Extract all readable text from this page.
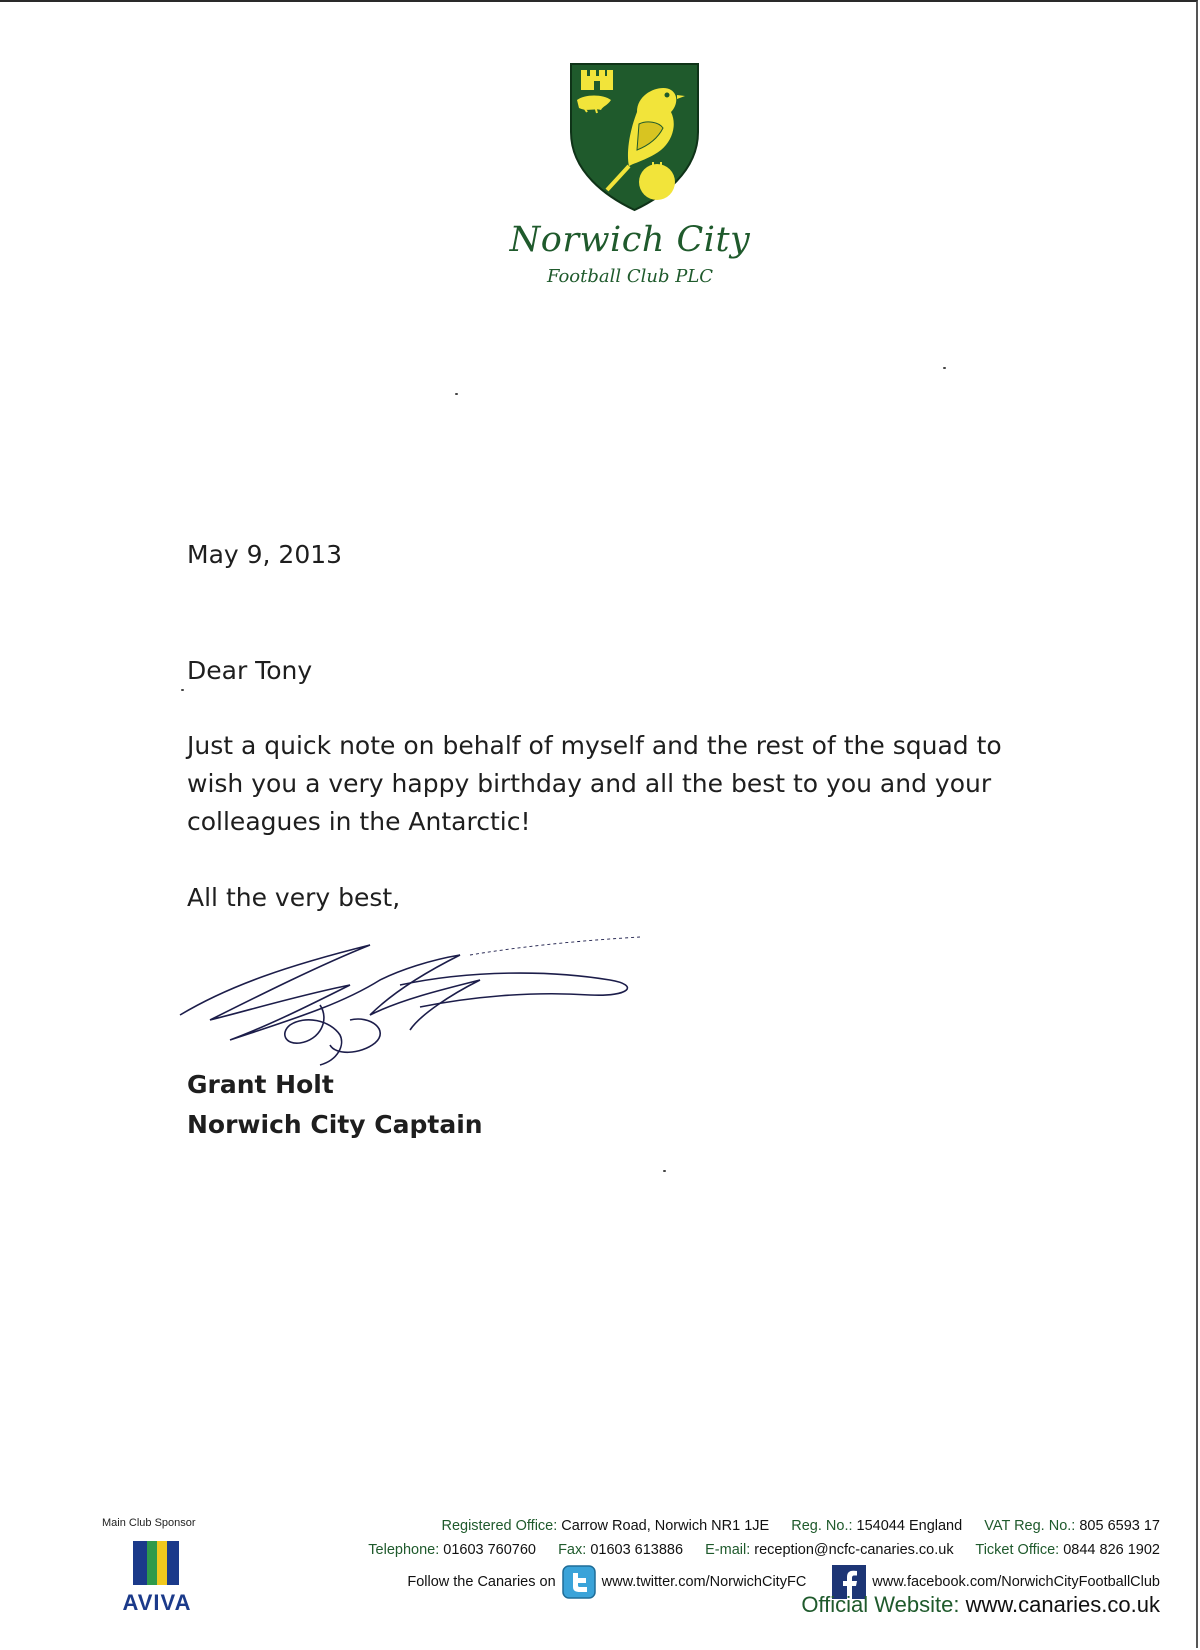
Norwich City
Football Club PLC

May 9, 2013

Dear Tony

Just a quick note on behalf of myself and the rest of the squad to wish you a very happy birthday and all the best to you and your colleagues in the Antarctic!

All the very best,

Grant Holt

Norwich City Captain

Main Club Sponsor
AVIVA
Registered Office: Carrow Road, Norwich NR1 1JE Reg. No.: 154044 England VAT Reg. No.: 805 6593 17
Telephone: 01603 760760 Fax: 01603 613886 E-mail: reception@ncfc-canaries.co.uk Ticket Office: 0844 826 1902
Follow the Canaries on	www.twitter.com/NorwichCityFC	www.facebook.com/NorwichCityFootballClub
Official Website: www.canaries.co.uk
